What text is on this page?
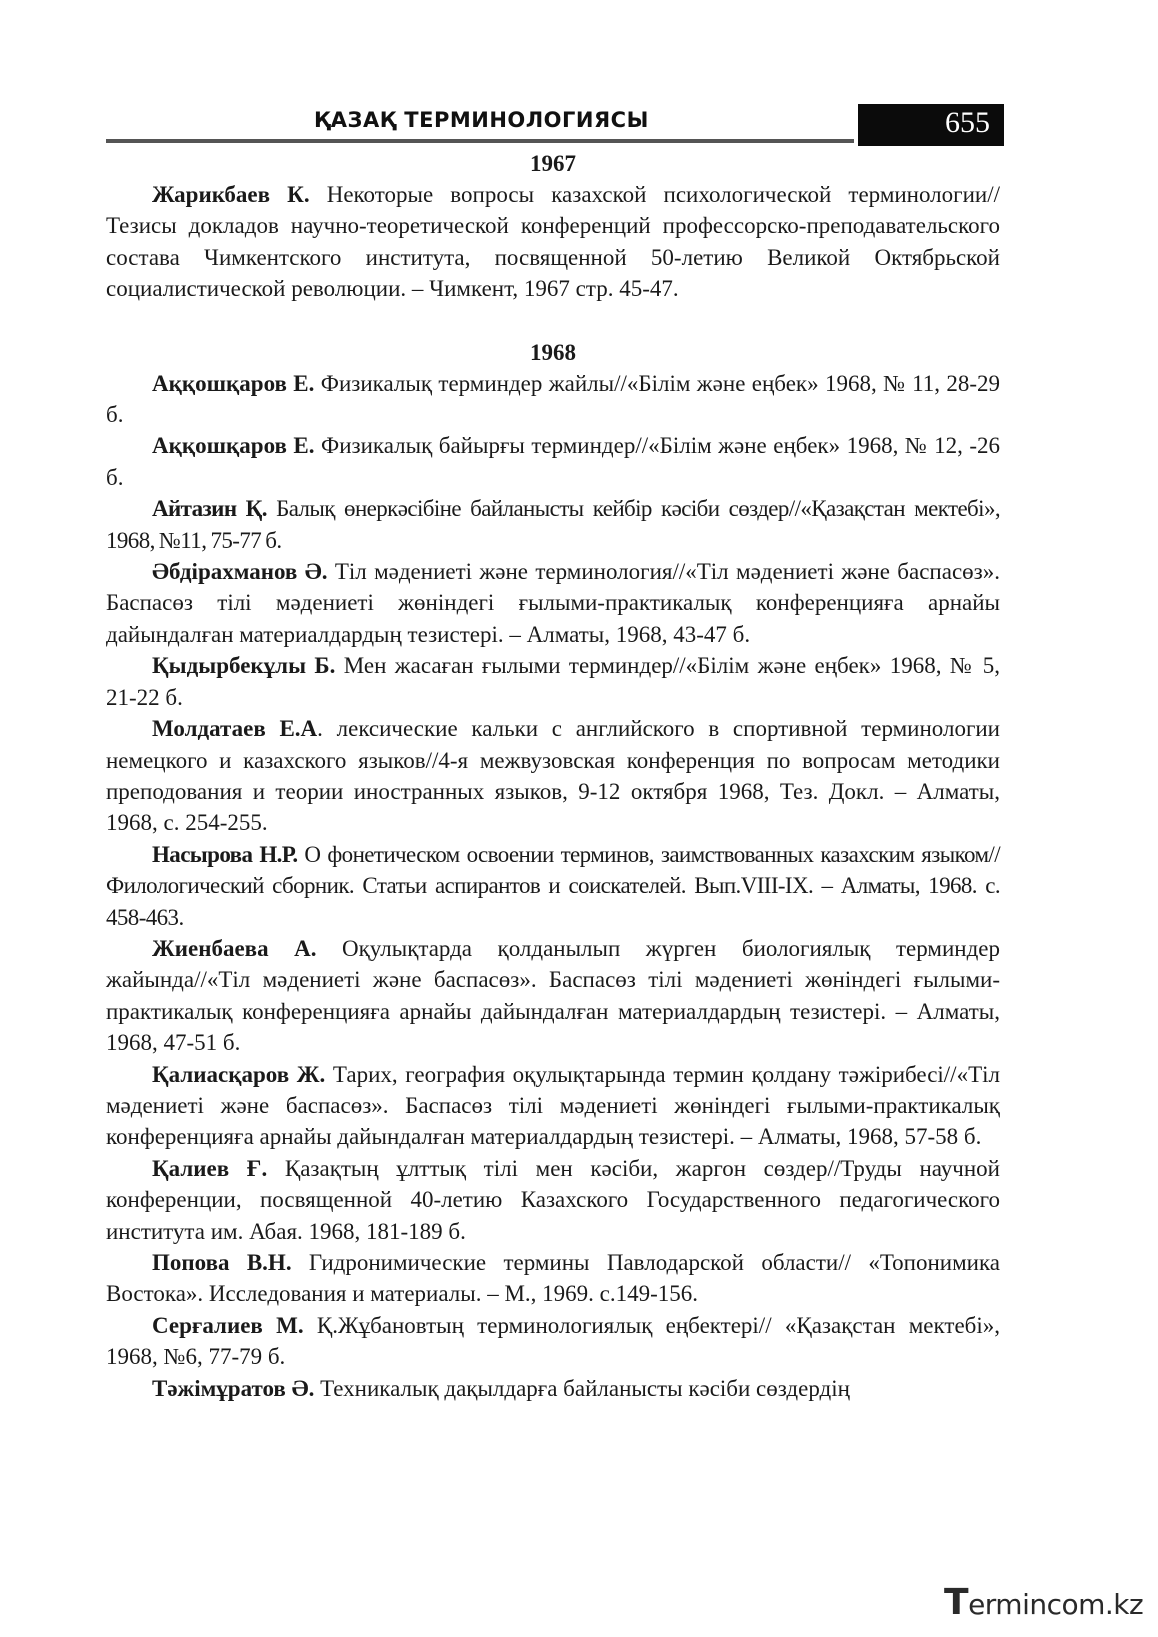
ҚАЗАҚ ТЕРМИНОЛОГИЯСЫ	655
1967

Жарикбаев К. Некоторые вопросы казахской психологической терминологии//Тезисы докладов научно-теоретической конференций профессорско-преподавательского состава Чимкентского института, посвященной 50-летию Великой Октябрьской социалистической революции. – Чимкент, 1967 стр. 45-47.

1968

Аққошқаров Е. Физикалық терминдер жайлы//«Білім және еңбек» 1968, № 11, 28-29 б.

Аққошқаров Е. Физикалық байырғы терминдер//«Білім және еңбек» 1968, № 12, -26 б.

Айтазин Қ. Балық өнеркәсібіне байланысты кейбір кәсіби сөздер//«Қазақстан мектебі», 1968, №11, 75-77 б.

Әбдірахманов Ә. Тіл мәдениеті және терминология//«Тіл мәдениеті және баспасөз». Баспасөз тілі мәдениеті жөніндегі ғылыми-практикалық конференцияға арнайы дайындалған материалдардың тезистері. – Алматы, 1968, 43-47 б.

Қыдырбекұлы Б. Мен жасаған ғылыми терминдер//«Білім және еңбек» 1968, № 5, 21-22 б.

Молдатаев Е.А. лексические кальки с английского в спортивной терминологии немецкого и казахского языков//4-я межвузовская конференция по вопросам методики преподования и теории иностранных языков, 9-12 октября 1968, Тез. Докл. – Алматы, 1968, с. 254-255.

Насырова Н.Р. О фонетическом освоении терминов, заимствованных казахским языком//Филологический сборник. Статьи аспирантов и соискателей. Вып.VIII-IX. – Алматы, 1968. с. 458-463.

Жиенбаева А. Оқулықтарда қолданылып жүрген биологиялық терминдер жайында//«Тіл мәдениеті және баспасөз». Баспасөз тілі мәдениеті жөніндегі ғылыми-практикалық конференцияға арнайы дайындалған материалдардың тезистері. – Алматы, 1968, 47-51 б.

Қалиасқаров Ж. Тарих, география оқулықтарында термин қолдану тәжірибесі//«Тіл мәдениеті және баспасөз». Баспасөз тілі мәдениеті жөніндегі ғылыми-практикалық конференцияға арнайы дайындалған материалдардың тезистері. – Алматы, 1968, 57-58 б.

Қалиев Ғ. Қазақтың ұлттық тілі мен кәсіби, жаргон сөздер//Труды научной конференции, посвященной 40-летию Казахского Государственного педагогического института им. Абая. 1968, 181-189 б.

Попова В.Н. Гидронимические термины Павлодарской области// «Топонимика Востока». Исследования и материалы. – М., 1969. с.149-156.

Серғалиев М. Қ.Жұбановтың терминологиялық еңбектері// «Қазақстан мектебі», 1968, №6, 77-79 б.

Тәжімұратов Ә. Техникалық дақылдарға байланысты кәсіби сөздердің

Termincom.kz
